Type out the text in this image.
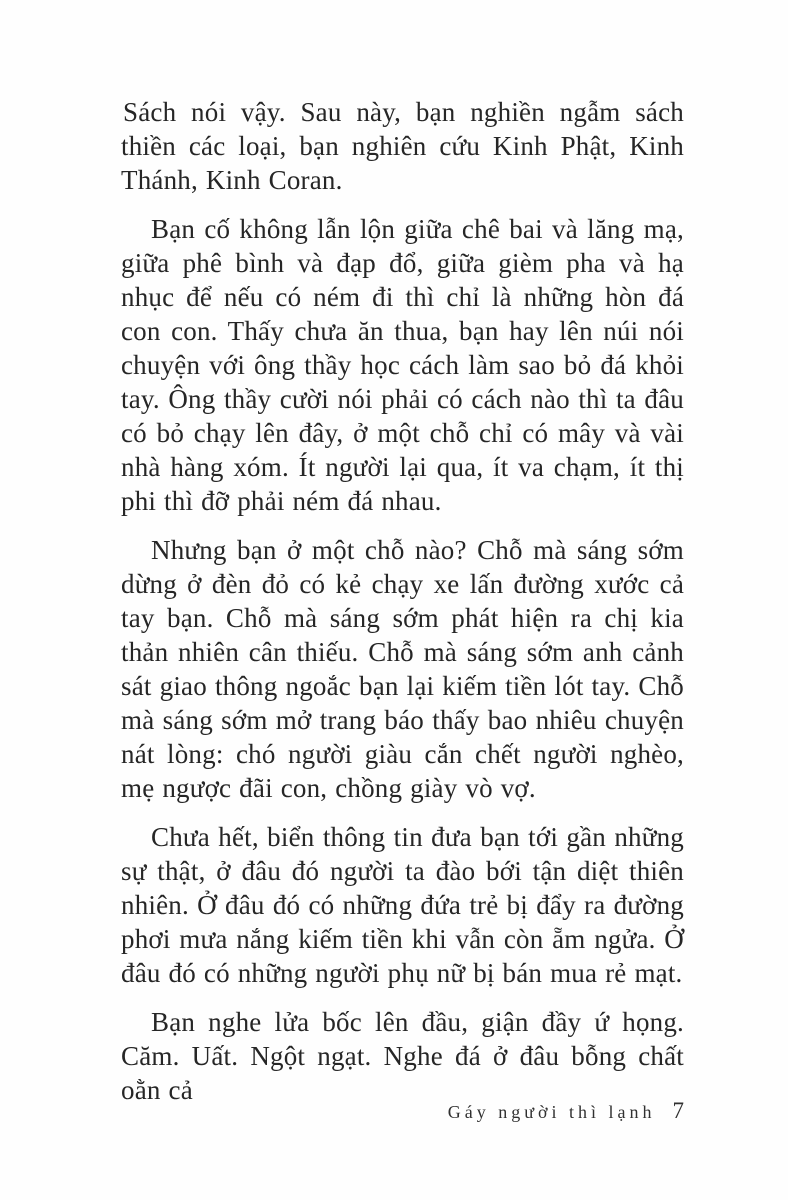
Sách nói vậy. Sau này, bạn nghiền ngẫm sách thiền các loại, bạn nghiên cứu Kinh Phật, Kinh Thánh, Kinh Coran.

Bạn cố không lẫn lộn giữa chê bai và lăng mạ, giữa phê bình và đạp đổ, giữa gièm pha và hạ nhục để nếu có ném đi thì chỉ là những hòn đá con con. Thấy chưa ăn thua, bạn hay lên núi nói chuyện với ông thầy học cách làm sao bỏ đá khỏi tay. Ông thầy cười nói phải có cách nào thì ta đâu có bỏ chạy lên đây, ở một chỗ chỉ có mây và vài nhà hàng xóm. Ít người lại qua, ít va chạm, ít thị phi thì đỡ phải ném đá nhau.

Nhưng bạn ở một chỗ nào? Chỗ mà sáng sớm dừng ở đèn đỏ có kẻ chạy xe lấn đường xước cả tay bạn. Chỗ mà sáng sớm phát hiện ra chị kia thản nhiên cân thiếu. Chỗ mà sáng sớm anh cảnh sát giao thông ngoắc bạn lại kiếm tiền lót tay. Chỗ mà sáng sớm mở trang báo thấy bao nhiêu chuyện nát lòng: chó người giàu cắn chết người nghèo, mẹ ngược đãi con, chồng giày vò vợ.

Chưa hết, biển thông tin đưa bạn tới gần những sự thật, ở đâu đó người ta đào bới tận diệt thiên nhiên. Ở đâu đó có những đứa trẻ bị đẩy ra đường phơi mưa nắng kiếm tiền khi vẫn còn ẵm ngửa. Ở đâu đó có những người phụ nữ bị bán mua rẻ mạt.

Bạn nghe lửa bốc lên đầu, giận đầy ứ họng. Căm. Uất. Ngột ngạt. Nghe đá ở đâu bỗng chất oằn cả

Gáy người thì lạnh 7
